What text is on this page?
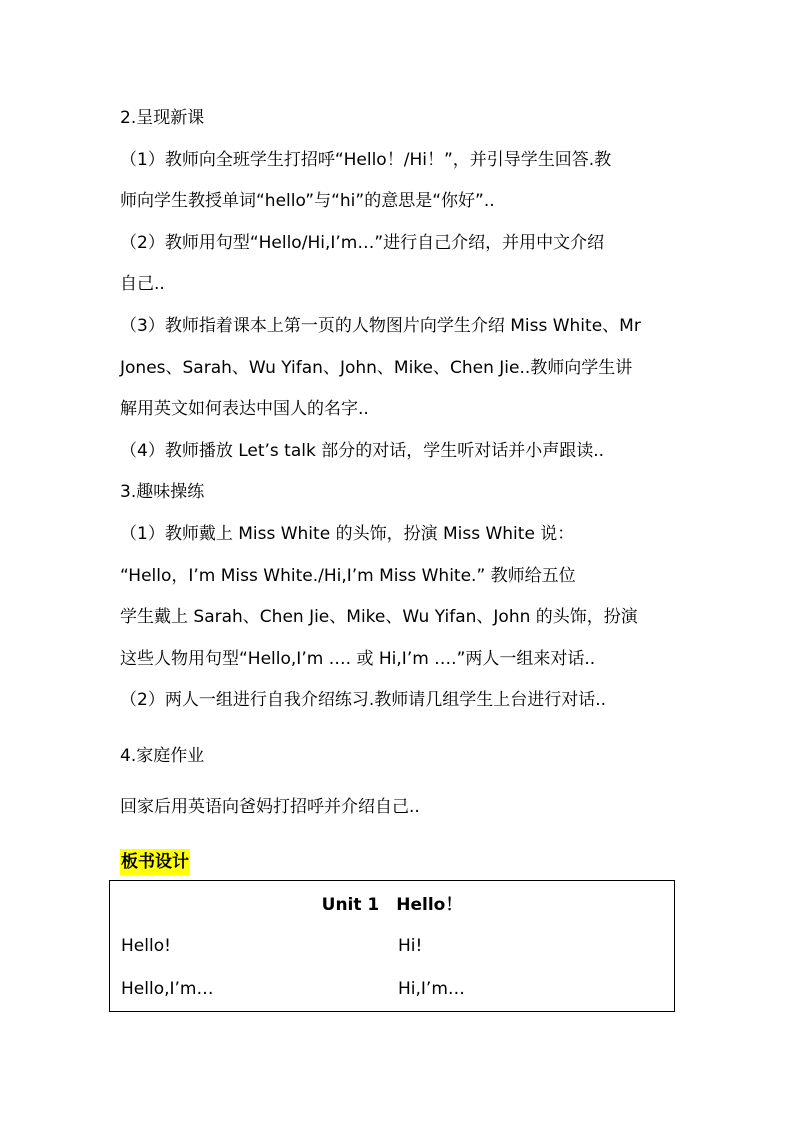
2.呈现新课
（1）教师向全班学生打招呼“Hello！/Hi！”，并引导学生回答.教
师向学生教授单词“hello”与“hi”的意思是“你好”..
（2）教师用句型“Hello/Hi,I’m…”进行自己介绍，并用中文介绍
自己..
（3）教师指着课本上第一页的人物图片向学生介绍 Miss White、Mr
Jones、Sarah、Wu Yifan、John、Mike、Chen Jie..教师向学生讲
解用英文如何表达中国人的名字..
（4）教师播放 Let’s talk 部分的对话，学生听对话并小声跟读..
3.趣味操练
（1）教师戴上 Miss White 的头饰，扮演 Miss White 说：
“Hello，I’m Miss White./Hi,I’m Miss White.” 教师给五位
学生戴上 Sarah、Chen Jie、Mike、Wu Yifan、John 的头饰，扮演
这些人物用句型“Hello,I’m …. 或 Hi,I’m ….”两人一组来对话..
（2）两人一组进行自我介绍练习.教师请几组学生上台进行对话..
4.家庭作业
回家后用英语向爸妈打招呼并介绍自己..
板书设计
Unit 1　Hello！
Hello!	Hi!
Hello,I’m…	Hi,I’m…
